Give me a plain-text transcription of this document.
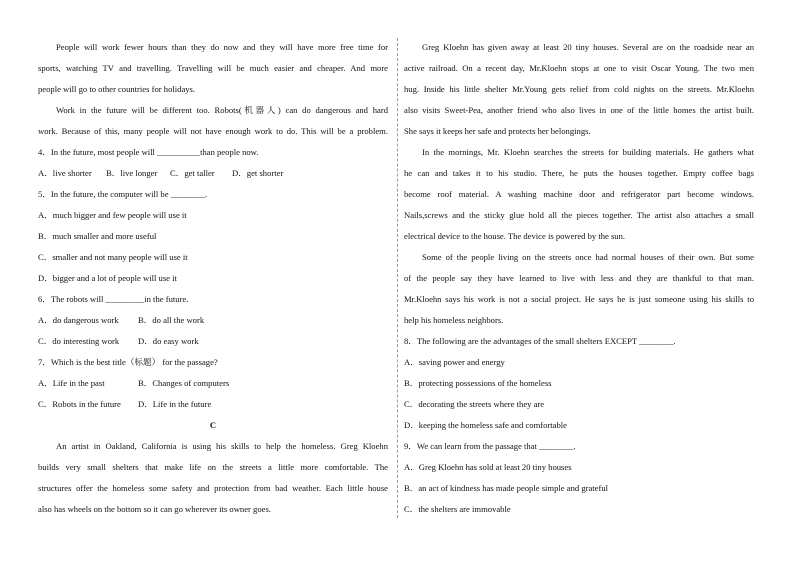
People will work fewer hours than they do now and they will have more free time for
sports, watching TV and travelling. Travelling will be much easier and cheaper. And more
people will go to other countries for holidays.
Work in the future will be different too. Robots(机器人) can do dangerous and hard
work. Because of this, many people will not have enough work to do. This will be a problem.
4．In the future, most people will __________than people now.
A．live shorter	B．live longer	C．get taller	D．get shorter
5．In the future, the computer will be ________.
A．much bigger and few people will use it
B．much smaller and more useful
C．smaller and not many people will use it
D．bigger and a lot of people will use it
6．The robots will _________in the future.
A．do dangerous work	B．do all the work
C．do interesting work	D．do easy work
7．Which is the best title（标题） for the passage?
A．Life in the past	B．Changes of computers
C．Robots in the future	D．Life in the future
C
An artist in Oakland, California is using his skills to help the homeless. Greg Kloehn
builds very small shelters that make life on the streets a little more comfortable. The
structures offer the homeless some safety and protection from bad weather. Each little house
also has wheels on the bottom so it can go wherever its owner goes.
Greg Kloehn has given away at least 20 tiny houses. Several are on the roadside near an
active railroad. On a recent day, Mr.Kloehn stops at one to visit Oscar Young. The two men
hug. Inside his little shelter Mr.Young gets relief from cold nights on the streets. Mr.Kloehn
also visits Sweet-Pea, another friend who also lives in one of the little homes the artist built.
She says it keeps her safe and protects her belongings.
In the mornings, Mr. Kloehn searches the streets for building materials. He gathers what
he can and takes it to his studio. There, he puts the houses together. Empty coffee bags
become roof material. A washing machine door and refrigerator part become windows.
Nails,screws and the sticky glue hold all the pieces together. The artist also attaches a small
electrical device to the house. The device is powered by the sun.
Some of the people living on the streets once had normal houses of their own. But some
of the people say they have learned to live with less and they are thankful to that man.
Mr.Kloehn says his work is not a social project. He says he is just someone using his skills to
help his homeless neighbors.
8．The following are the advantages of the small shelters EXCEPT ________.
A．saving power and energy
B．protecting possessions of the homeless
C．decorating the streets where they are
D．keeping the homeless safe and comfortable
9．We can learn from the passage that ________.
A．Greg Kloehn has sold at least 20 tiny houses
B．an act of kindness has made people simple and grateful
C．the shelters are immovable
